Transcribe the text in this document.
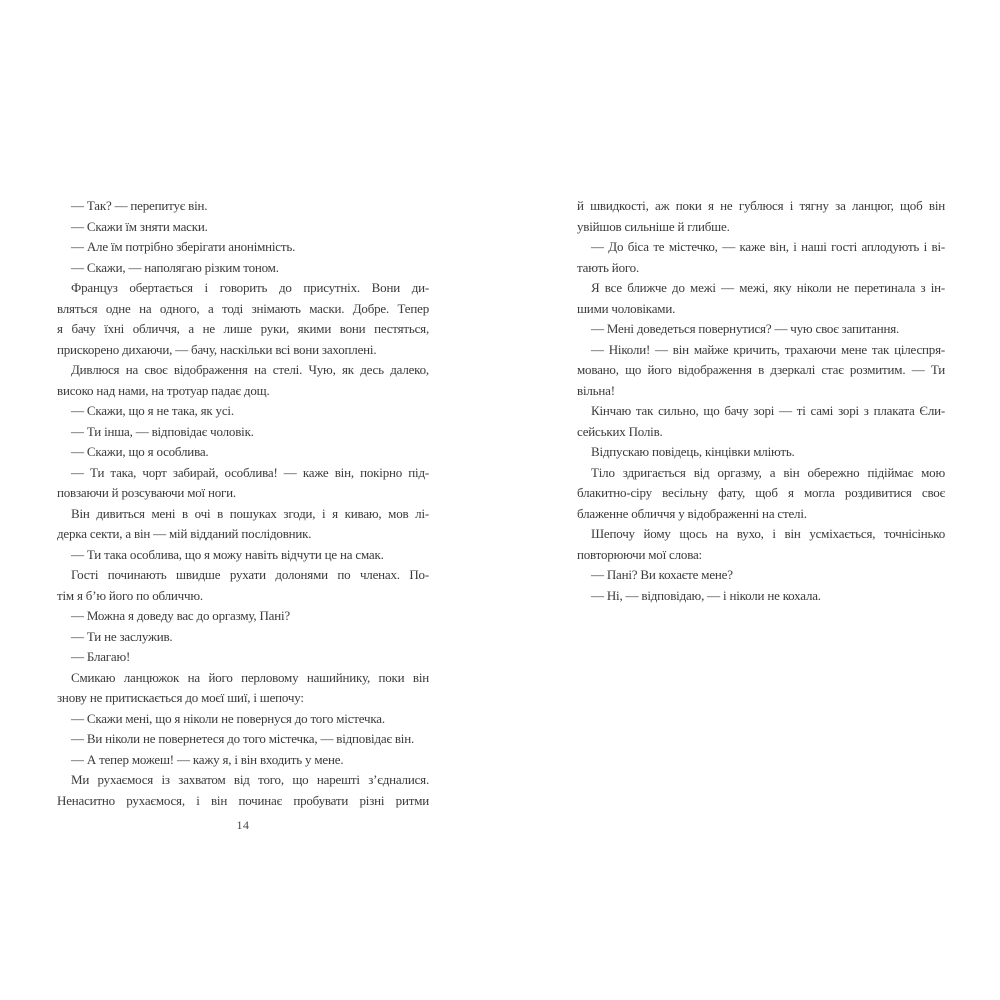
— Так? — перепитує він.
— Скажи їм зняти маски.
— Але їм потрібно зберігати анонімність.
— Скажи, — наполягаю різким тоном.
Француз обертається і говорить до присутніх. Вони ди-
вляться одне на одного, а тоді знімають маски. Добре. Тепер
я бачу їхні обличчя, а не лише руки, якими вони пестяться,
прискорено дихаючи, — бачу, наскільки всі вони захоплені.
Дивлюся на своє відображення на стелі. Чую, як десь далеко,
високо над нами, на тротуар падає дощ.
— Скажи, що я не така, як усі.
— Ти інша, — відповідає чоловік.
— Скажи, що я особлива.
— Ти така, чорт забирай, особлива! — каже він, покірно під-
повзаючи й розсуваючи мої ноги.
Він дивиться мені в очі в пошуках згоди, і я киваю, мов лі-
дерка секти, а він — мій відданий послідовник.
— Ти така особлива, що я можу навіть відчути це на смак.
Гості починають швидше рухати долонями по членах. По-
тім я б’ю його по обличчю.
— Можна я доведу вас до оргазму, Пані?
— Ти не заслужив.
— Благаю!
Смикаю ланцюжок на його перловому нашийнику, поки він
знову не притискається до моєї шиї, і шепочу:
— Скажи мені, що я ніколи не повернуся до того містечка.
— Ви ніколи не повернетеся до того містечка, — відповідає він.
— А тепер можеш! — кажу я, і він входить у мене.
Ми рухаємося із захватом від того, що нарешті з’єдналися.
Ненаситно рухаємося, і він починає пробувати різні ритми
й швидкості, аж поки я не гублюся і тягну за ланцюг, щоб він
увійшов сильніше й глибше.
— До біса те містечко, — каже він, і наші гості аплодують і ві-
тають його.
Я все ближче до межі — межі, яку ніколи не перетинала з ін-
шими чоловіками.
— Мені доведеться повернутися? — чую своє запитання.
— Ніколи! — він майже кричить, трахаючи мене так цілеспря-
мовано, що його відображення в дзеркалі стає розмитим. — Ти
вільна!
Кінчаю так сильно, що бачу зорі — ті самі зорі з плаката Єли-
сейських Полів.
Відпускаю повідець, кінцівки мліють.
Тіло здригається від оргазму, а він обережно підіймає мою
блакитно-сіру весільну фату, щоб я могла роздивитися своє
блаженне обличчя у відображенні на стелі.
Шепочу йому щось на вухо, і він усміхається, точнісінько
повторюючи мої слова:
— Пані? Ви кохаєте мене?
— Ні, — відповідаю, — і ніколи не кохала.
14
